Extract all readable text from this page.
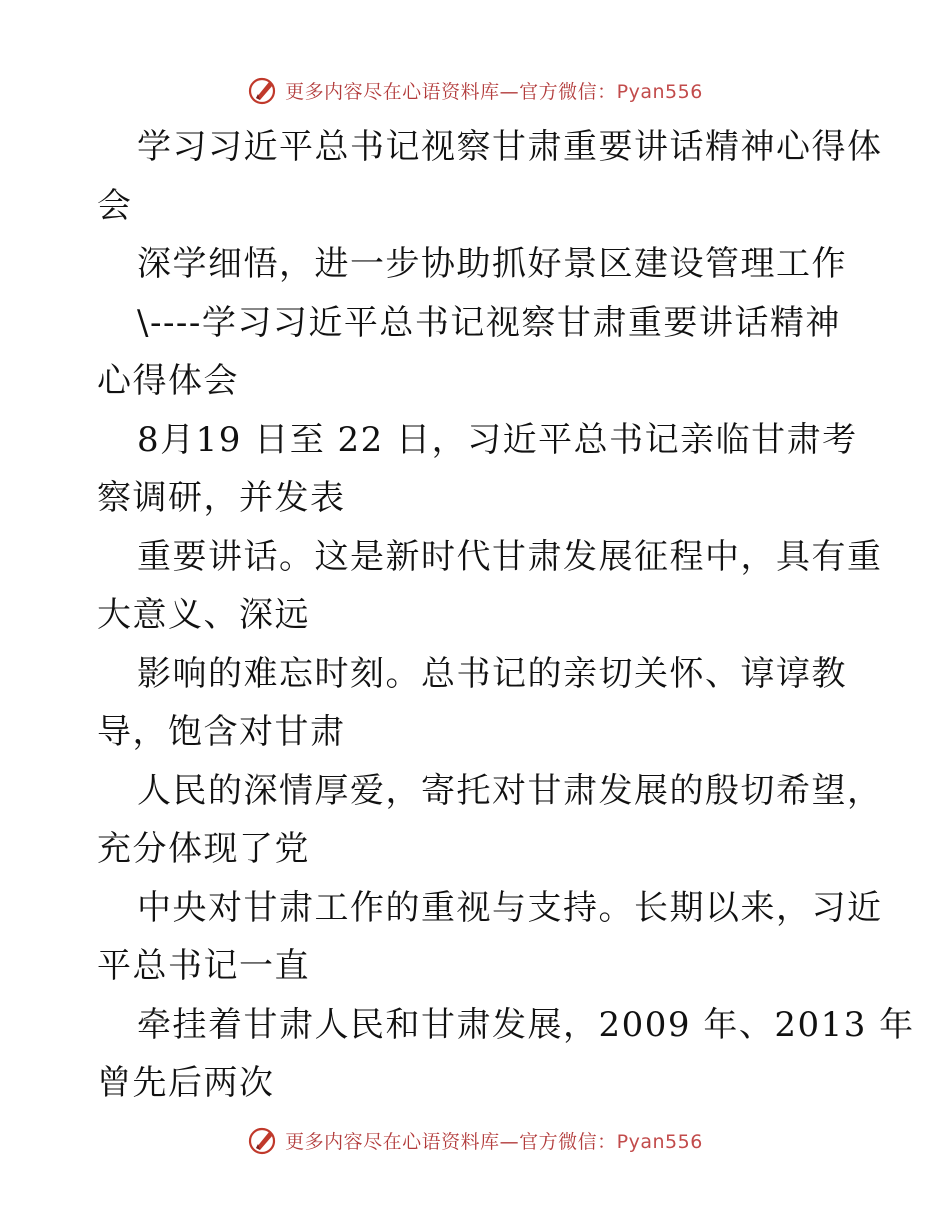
更多内容尽在心语资料库—官方微信：Pyan556
学习习近平总书记视察甘肃重要讲话精神心得体
会
深学细悟，进一步协助抓好景区建设管理工作
\----学习习近平总书记视察甘肃重要讲话精神
心得体会
8月19 日至 22 日，习近平总书记亲临甘肃考
察调研，并发表
重要讲话。这是新时代甘肃发展征程中，具有重
大意义、深远
影响的难忘时刻。总书记的亲切关怀、谆谆教
导，饱含对甘肃
人民的深情厚爱，寄托对甘肃发展的殷切希望，
充分体现了党
中央对甘肃工作的重视与支持。长期以来，习近
平总书记一直
牵挂着甘肃人民和甘肃发展，2009 年、2013 年
曾先后两次
更多内容尽在心语资料库—官方微信：Pyan556
